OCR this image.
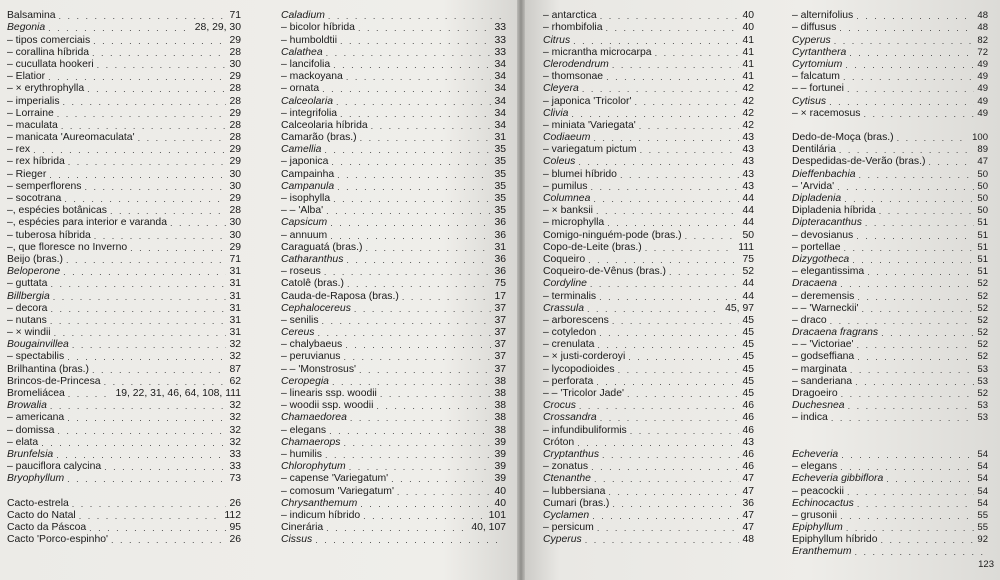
Balsamina . . .	71
Begonia . . .	28, 29, 30
– tipos comerciais . . .	29
– corallina híbrida . . .	28
– cucullata hookeri . . .	30
– Elatior . . .	29
– × erythrophylla . . .	28
– imperialis . . .	28
– Lorraine . . .	29
– maculata . . .	28
– manicata 'Aureomaculata' . . .	28
– rex . . .	29
– rex híbrida . . .	29
– Rieger . . .	30
– semperflorens . . .	30
– socotrana . . .	29
–, espécies botânicas . . .	28
–, espécies para interior e varanda . . .	30
– tuberosa híbrida . . .	30
–, que floresce no Inverno . . .	29
Beijo (bras.) . . .	71
Beloperone . . .	31
– guttata . . .	31
Billbergia . . .	31
– decora . . .	31
– nutans . . .	31
– × windii . . .	31
Bougainvillea . . .	32
– spectabilis . . .	32
Brilhantina (bras.) . . .	87
Brincos-de-Princesa . . .	62
Bromeliácea . . .	19, 22, 31, 46, 64, 108, 111
Browalia . . .	32
– americana . . .	32
– domissa . . .	32
– elata . . .	32
Brunfelsia . . .	33
– pauciflora calycina . . .	33
Bryophyllum . . .	73
Cacto-estrela . . .	26
Cacto do Natal . . .	112
Cacto da Páscoa . . .	95
Cacto 'Porco-espinho' . . .	26
Caladium
. . .
– bicolor híbrida . . .	33
– humboldtii . . .	33
Calathea . . .	33
– lancifolia . . .	34
– mackoyana . . .	34
– ornata . . .	34
Calceolaria . . .	34
– integrifolia . . .	34
Calceolaria híbrida . . .	34
Camarão (bras.) . . .	31
Camellia . . .	35
– japonica . . .	35
Campainha . . .	35
Campanula . . .	35
– isophylla . . .	35
– – 'Alba' . . .	35
Capsicum . . .	36
– annuum . . .	36
Caraguatá (bras.) . . .	31
Catharanthus . . .	36
– roseus . . .	36
Catolê (bras.) . . .	75
Cauda-de-Raposa (bras.) . . .	17
Cephalocereus . . .	37
– senilis . . .	37
Cereus . . .	37
– chalybaeus . . .	37
– peruvianus . . .	37
– – 'Monstrosus' . . .	37
Ceropegia . . .	38
– linearis ssp. woodii . . .	38
– woodii ssp. woodii . . .	38
Chamaedorea . . .	38
– elegans . . .	38
Chamaerops . . .	39
– humilis . . .	39
Chlorophytum . . .	39
– capense 'Variegatum' . . .	39
– comosum 'Variegatum' . . .	40
Chrysanthemum . . .	40
– indicum híbrido . . .	101
Cinerária . . .	40, 107
Cissus
. . .
– antarctica . . .	40
– rhombifolia . . .	40
Citrus . . .	41
– micrantha microcarpa . . .	41
Clerodendrum . . .	41
– thomsonae . . .	41
Cleyera . . .	42
– japonica 'Tricolor' . . .	42
Clivia . . .	42
– miniata 'Variegata' . . .	42
Codiaeum . . .	43
– variegatum pictum . . .	43
Coleus . . .	43
– blumei híbrido . . .	43
– pumilus . . .	43
Columnea . . .	44
– × banksii . . .	44
– microphylla . . .	44
Comigo-ninguém-pode (bras.) . . .	50
Copo-de-Leite (bras.) . . .	111
Coqueiro . . .	75
Coqueiro-de-Vênus (bras.) . . .	52
Cordyline . . .	44
– terminalis . . .	44
Crassula . . .	45, 97
– arborescens . . .	45
– cotyledon . . .	45
– crenulata . . .	45
– × justi-corderoyi . . .	45
– lycopodioides . . .	45
– perforata . . .	45
– – 'Tricolor Jade' . . .	45
Crocus . . .	46
Crossandra . . .	46
– infundibuliformis . . .	46
Cróton . . .	43
Cryptanthus . . .	46
– zonatus . . .	46
Ctenanthe . . .	47
– lubbersiana . . .	47
Cumari (bras.) . . .	36
Cyclamen . . .	47
– persicum . . .	47
Cyperus . . .	48
– alternifolius . . .	48
– diffusus . . .	48
Cyperus . . .	82
Cyrtanthera . . .	72
Cyrtomium . . .	49
– falcatum . . .	49
– – fortunei . . .	49
Cytisus . . .	49
– × racemosus . . .	49
Dedo-de-Moça (bras.) . . .	100
Dentilária . . .	89
Despedidas-de-Verão (bras.) . . .	47
Dieffenbachia . . .	50
– 'Arvida' . . .	50
Dipladenia . . .	50
Dipladenia híbrida . . .	50
Dipteracanthus . . .	51
– devosianus . . .	51
– portellae . . .	51
Dizygotheca . . .	51
– elegantissima . . .	51
Dracaena . . .	52
– deremensis . . .	52
– – 'Warneckii' . . .	52
– draco . . .	52
Dracaena fragrans . . .	52
– – 'Victoriae' . . .	52
– godseffiana . . .	52
– marginata . . .	53
– sanderiana . . .	53
Dragoeiro . . .	52
Duchesnea . . .	53
– indica . . .	53
Echeveria . . .	54
– elegans . . .	54
Echeveria gibbiflora . . .	54
– peacockii . . .	54
Echinocactus . . .	54
– grusonii . . .	55
Epiphyllum . . .	55
Epiphyllum híbrido . . .	92
Eranthemum
. . .
123
